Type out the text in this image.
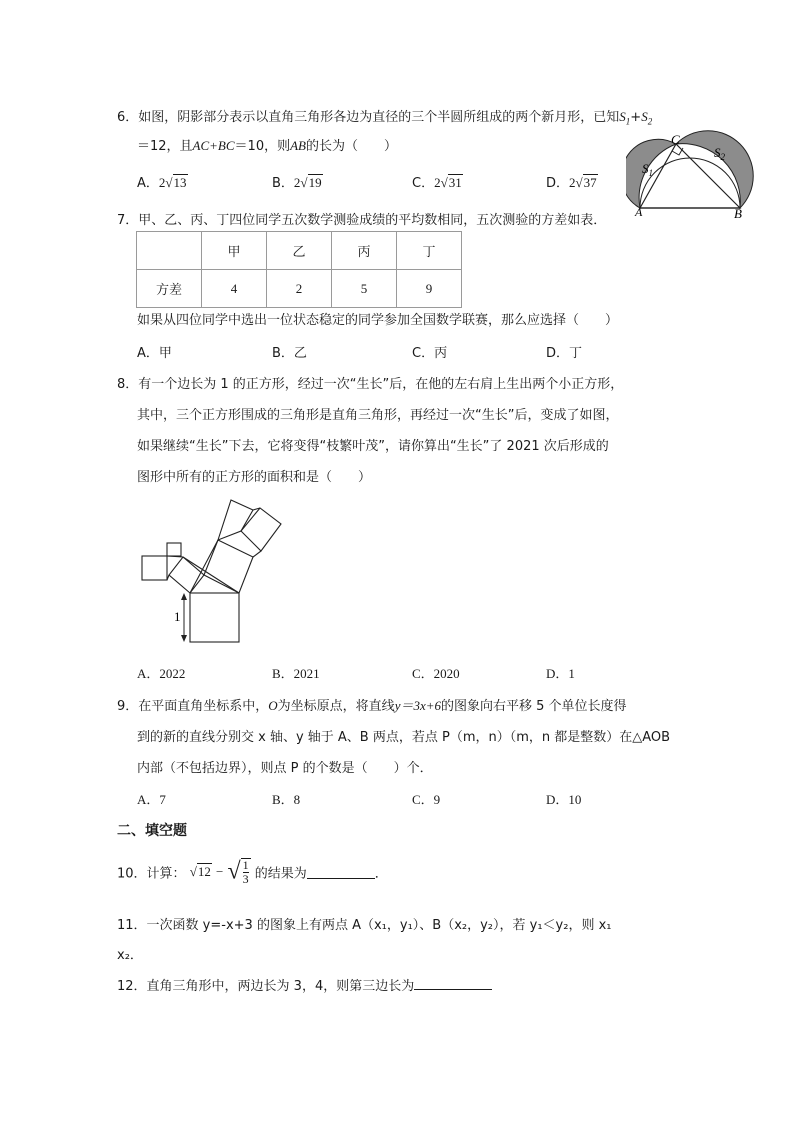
6．如图，阴影部分表示以直角三角形各边为直径的三个半圆所组成的两个新月形，已知$S_1+S_2$
＝12，且AC+BC＝10，则AB的长为（　　）
A．2√13	B．2√19	C．2√31	D．2√37
C
A	B
$S_1$
$S_2$
7．甲、乙、丙、丁四位同学五次数学测验成绩的平均数相同，五次测验的方差如表．
	甲	乙	丙	丁
方差	4	2	5	9
如果从四位同学中选出一位状态稳定的同学参加全国数学联赛，那么应选择（　　）
A．甲	B．乙	C．丙	D．丁
8．有一个边长为 1 的正方形，经过一次“生长”后，在他的左右肩上生出两个小正方形，
其中，三个正方形围成的三角形是直角三角形，再经过一次“生长”后，变成了如图，
如果继续“生长”下去，它将变得“枝繁叶茂”，请你算出“生长”了 2021 次后形成的
图形中所有的正方形的面积和是（　　）
1
A．2022	B．2021	C．2020	D．1
9．在平面直角坐标系中，O为坐标原点，将直线y＝3x+6的图象向右平移 5 个单位长度得
到的新的直线分别交 x 轴、y 轴于 A、B 两点，若点 P（m，n）（m，n 都是整数）在△AOB
内部（不包括边界），则点 P 的个数是（　　）个．
A．7	B．8	C．9	D．10
二、填空题
10．计算： √12 − √ $\frac{1}{3}$ 的结果为	．
11．一次函数 y=-x+3 的图象上有两点 A（x₁，y₁）、B（x₂，y₂），若 y₁＜y₂，则 x₁
x₂．
12．直角三角形中，两边长为 3，4，则第三边长为
